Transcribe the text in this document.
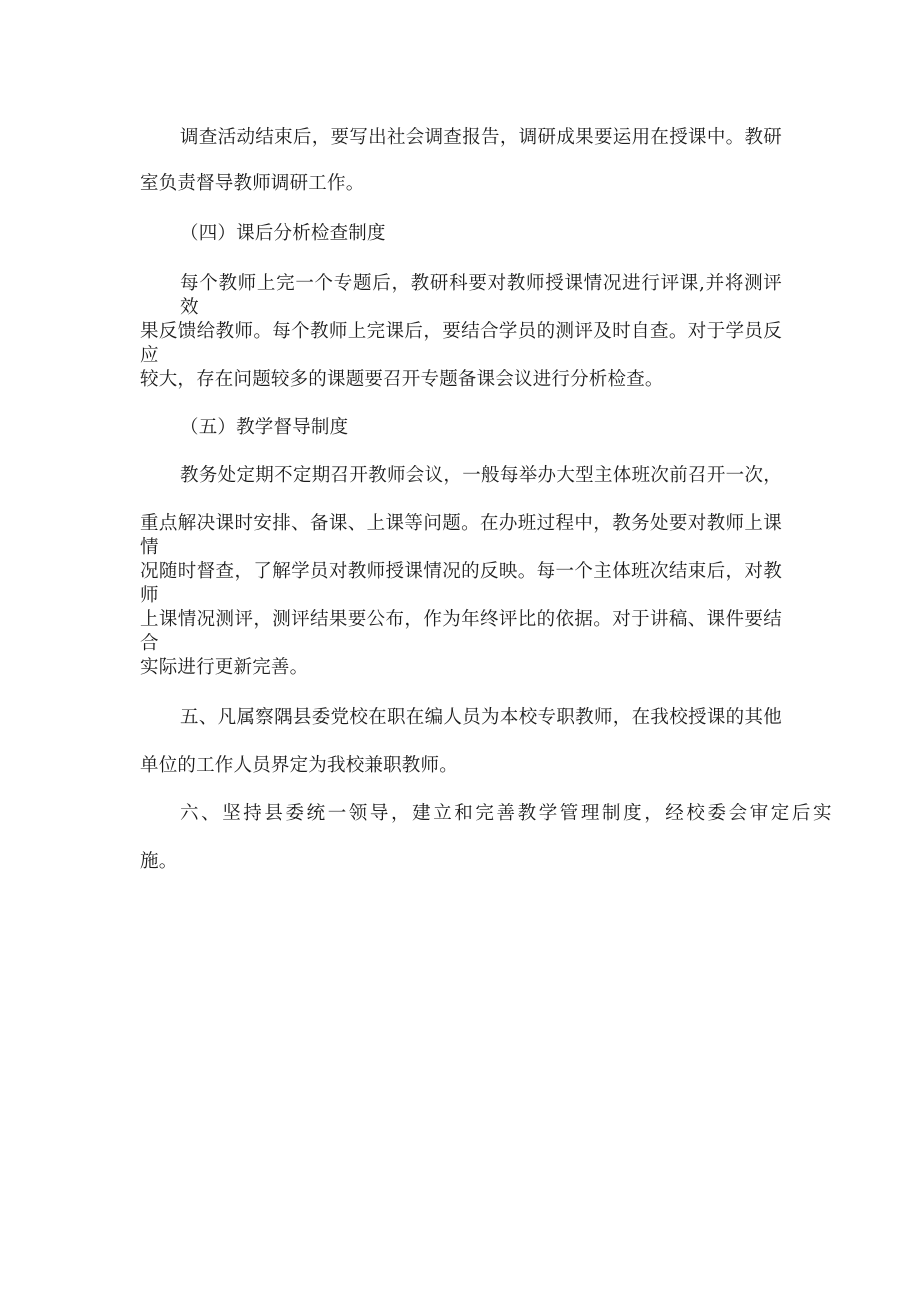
调查活动结束后，要写出社会调查报告，调研成果要运用在授课中。教研
室负责督导教师调研工作。
（四）课后分析检查制度
每个教师上完一个专题后，教研科要对教师授课情况进行评课,并将测评效
果反馈给教师。每个教师上完课后，要结合学员的测评及时自查。对于学员反应
较大，存在问题较多的课题要召开专题备课会议进行分析检查。
（五）教学督导制度
教务处定期不定期召开教师会议，一般每举办大型主体班次前召开一次，
重点解决课时安排、备课、上课等问题。在办班过程中，教务处要对教师上课情
况随时督查，了解学员对教师授课情况的反映。每一个主体班次结束后，对教师
上课情况测评，测评结果要公布，作为年终评比的依据。对于讲稿、课件要结合
实际进行更新完善。
五、凡属察隅县委党校在职在编人员为本校专职教师，在我校授课的其他
单位的工作人员界定为我校兼职教师。
六、坚持县委统一领导，建立和完善教学管理制度，经校委会审定后实
施。
